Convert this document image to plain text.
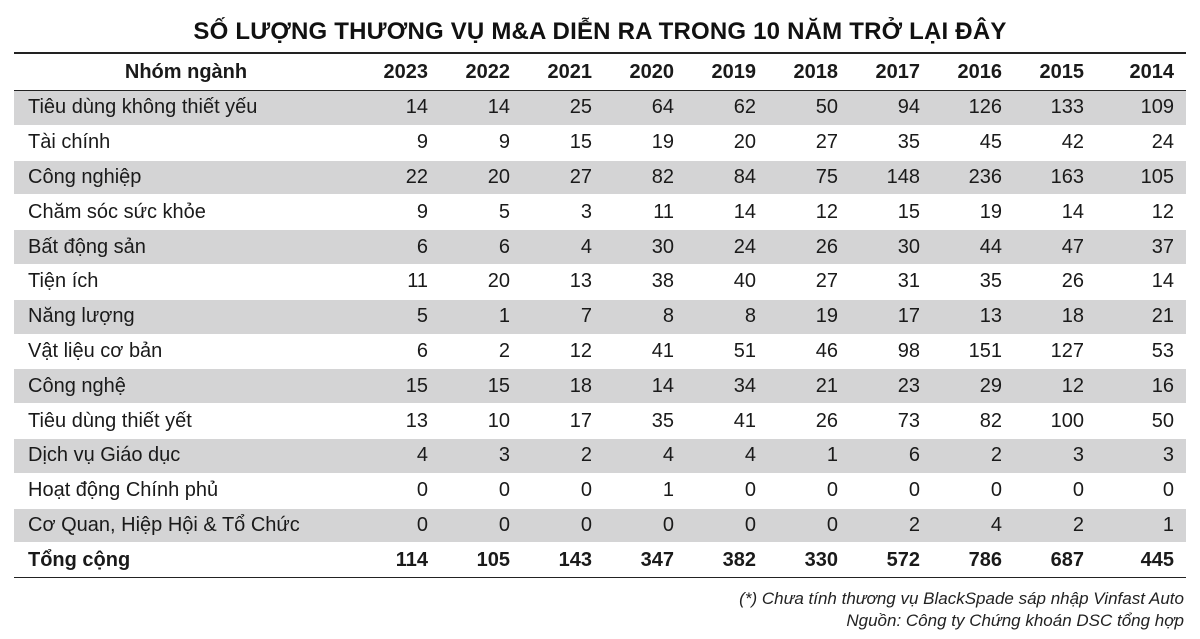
SỐ LƯỢNG THƯƠNG VỤ M&A DIỄN RA TRONG 10 NĂM TRỞ LẠI ĐÂY
Nhóm ngành	2023	2022	2021	2020	2019	2018	2017	2016	2015	2014
Tiêu dùng không thiết yếu	14	14	25	64	62	50	94	126	133	109
Tài chính	9	9	15	19	20	27	35	45	42	24
Công nghiệp	22	20	27	82	84	75	148	236	163	105
Chăm sóc sức khỏe	9	5	3	11	14	12	15	19	14	12
Bất động sản	6	6	4	30	24	26	30	44	47	37
Tiện ích	11	20	13	38	40	27	31	35	26	14
Năng lượng	5	1	7	8	8	19	17	13	18	21
Vật liệu cơ bản	6	2	12	41	51	46	98	151	127	53
Công nghệ	15	15	18	14	34	21	23	29	12	16
Tiêu dùng thiết yết	13	10	17	35	41	26	73	82	100	50
Dịch vụ Giáo dục	4	3	2	4	4	1	6	2	3	3
Hoạt động Chính phủ	0	0	0	1	0	0	0	0	0	0
Cơ Quan, Hiệp Hội & Tổ Chức	0	0	0	0	0	0	2	4	2	1
Tổng cộng	114	105	143	347	382	330	572	786	687	445
(*) Chưa tính thương vụ BlackSpade sáp nhập Vinfast Auto
Nguồn: Công ty Chứng khoán DSC tổng hợp
